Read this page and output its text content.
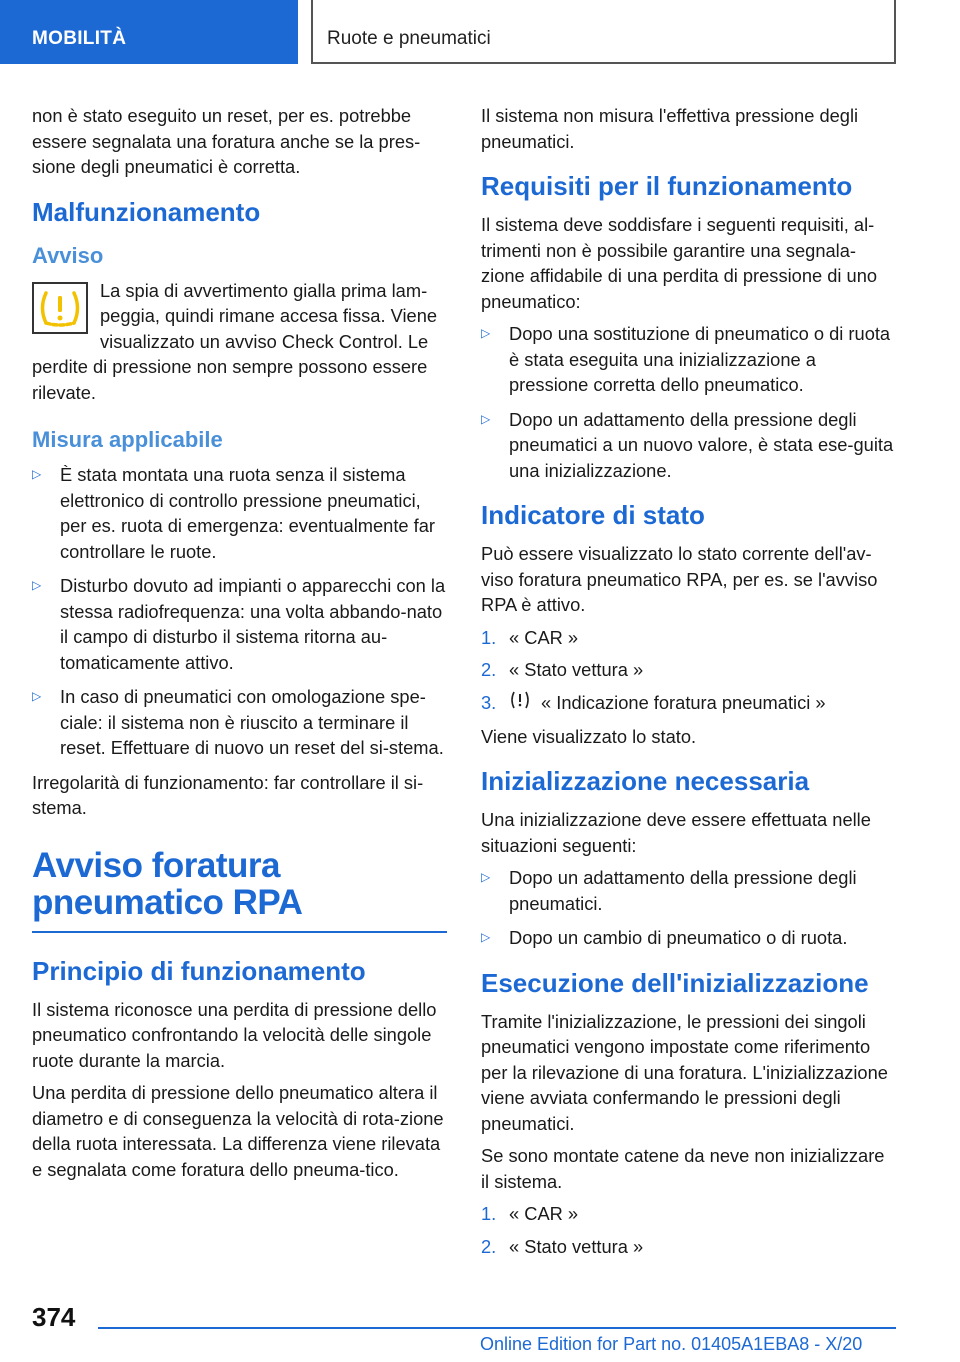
MOBILITÀ	Ruote e pneumatici

non è stato eseguito un reset, per es. potrebbe essere segnalata una foratura anche se la pres-sione degli pneumatici è corretta.

Malfunzionamento
Avviso

La spia di avvertimento gialla prima lam-peggia, quindi rimane accesa fissa. Viene visualizzato un avviso Check Control. Le perdite di pressione non sempre possono essere rilevate.

Misura applicabile
▷	È stata montata una ruota senza il sistema elettronico di controllo pressione pneumatici, per es. ruota di emergenza: eventualmente far controllare le ruote.
▷	Disturbo dovuto ad impianti o apparecchi con la stessa radiofrequenza: una volta abbando-nato il campo di disturbo il sistema ritorna au-tomaticamente attivo.
▷	In caso di pneumatici con omologazione spe-ciale: il sistema non è riuscito a terminare il reset. Effettuare di nuovo un reset del si-stema.

Irregolarità di funzionamento: far controllare il si-stema.

Avviso foratura pneumatico RPA
Principio di funzionamento

Il sistema riconosce una perdita di pressione dello pneumatico confrontando la velocità delle singole ruote durante la marcia.

Una perdita di pressione dello pneumatico altera il diametro e di conseguenza la velocità di rota-zione della ruota interessata. La differenza viene rilevata e segnalata come foratura dello pneuma-tico.

Il sistema non misura l'effettiva pressione degli pneumatici.

Requisiti per il funzionamento

Il sistema deve soddisfare i seguenti requisiti, al-trimenti non è possibile garantire una segnala-zione affidabile di una perdita di pressione di uno pneumatico:

▷	Dopo una sostituzione di pneumatico o di ruota è stata eseguita una inizializzazione a pressione corretta dello pneumatico.
▷	Dopo un adattamento della pressione degli pneumatici a un nuovo valore, è stata ese-guita una inizializzazione.
Indicatore di stato

Può essere visualizzato lo stato corrente dell'av-viso foratura pneumatico RPA, per es. se l'avviso RPA è attivo.

1. « CAR »
2. « Stato vettura »
3.	« Indicazione foratura pneumatici »

Viene visualizzato lo stato.

Inizializzazione necessaria

Una inizializzazione deve essere effettuata nelle situazioni seguenti:

▷	Dopo un adattamento della pressione degli pneumatici.
▷	Dopo un cambio di pneumatico o di ruota.
Esecuzione dell'inizializzazione

Tramite l'inizializzazione, le pressioni dei singoli pneumatici vengono impostate come riferimento per la rilevazione di una foratura. L'inizializzazione viene avviata confermando le pressioni degli pneumatici.

Se sono montate catene da neve non inizializzare il sistema.

1. « CAR »
2. « Stato vettura »
374
Online Edition for Part no. 01405A1EBA8 - X/20
